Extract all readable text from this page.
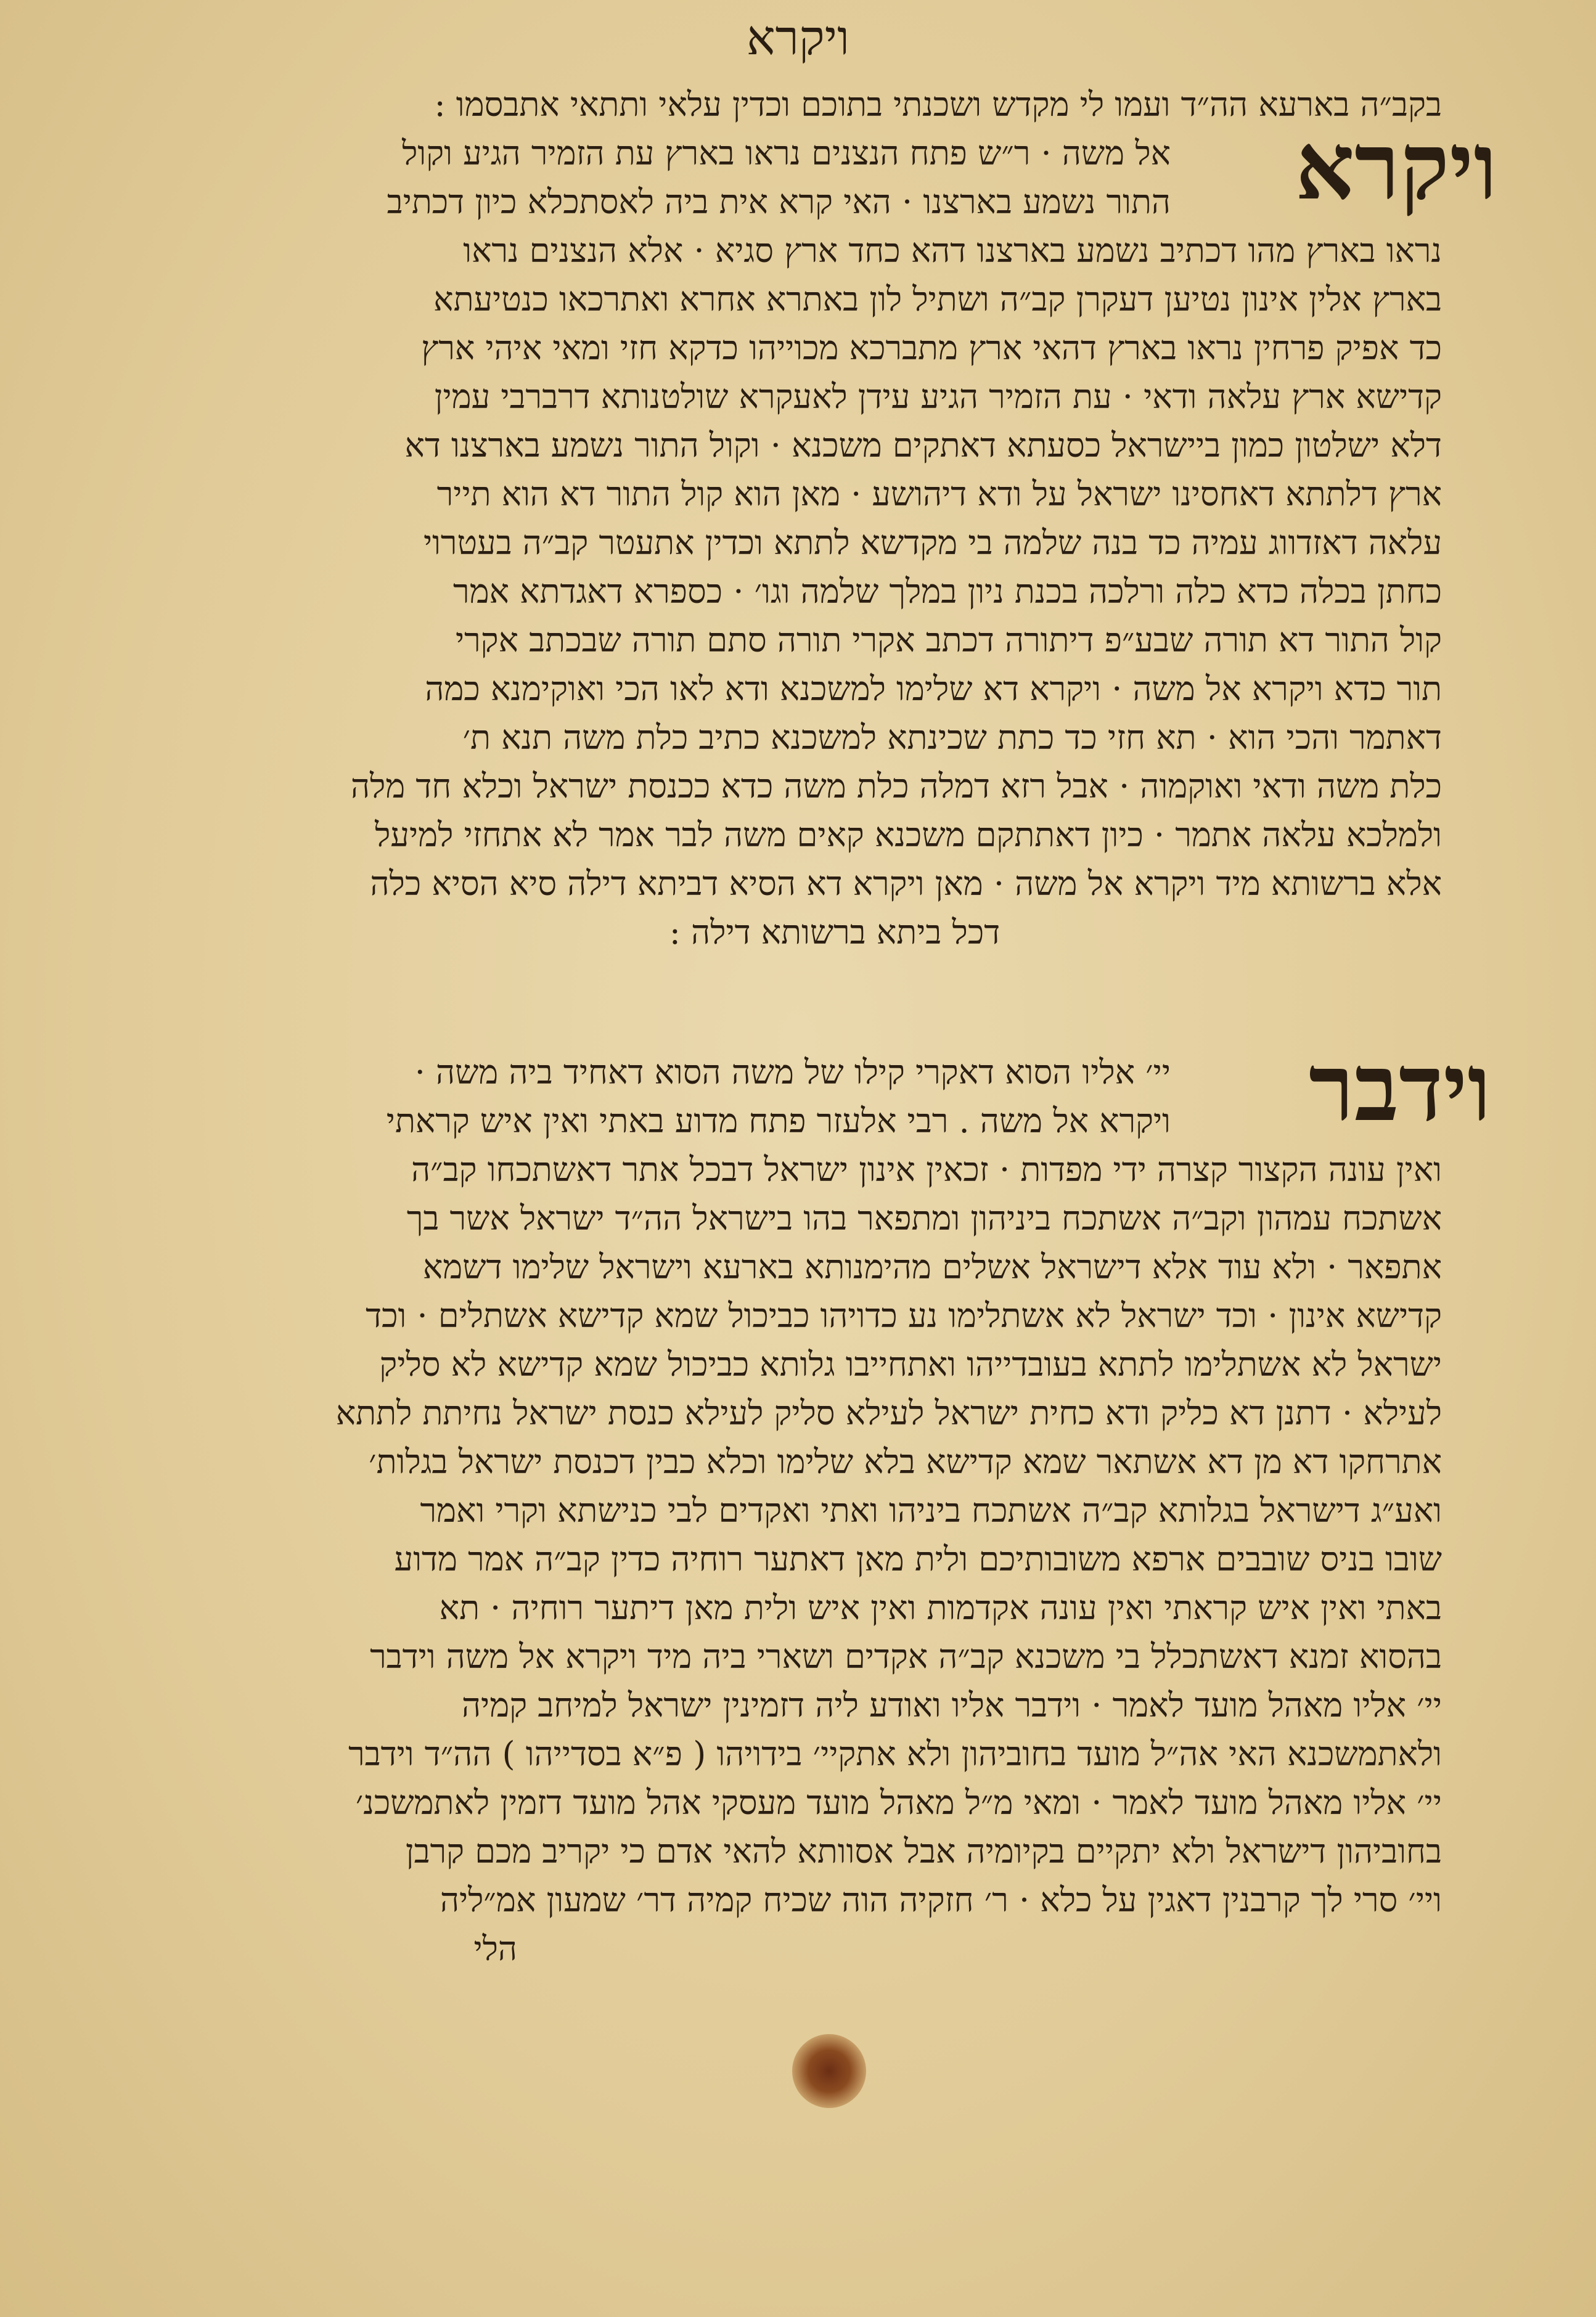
ויקרא
ויקרא
בקב״ה בארעא הה״ד ועמו לי מקדש ושכנתי בתוכם וכדין עלאי ותתאי אתבסמו :
אל משה · ר״ש פתח הנצנים נראו בארץ עת הזמיר הגיע וקול
התור נשמע בארצנו · האי קרא אית ביה לאסתכלא כיון דכתיב
נראו בארץ מהו דכתיב נשמע בארצנו דהא כחד ארץ סגיא · אלא הנצנים נראו
בארץ אלין אינון נטיען דעקרן קב״ה ושתיל לון באתרא אחרא ואתרכאו כנטיעתא
כד אפיק פרחין נראו בארץ דהאי ארץ מתברכא מכוייהו כדקא חזי ומאי איהי ארץ
קדישא ארץ עלאה ודאי · עת הזמיר הגיע עידן לאעקרא שולטנותא דרברבי עמין
דלא ישלטון כמון ביישראל כסעתא דאתקים משכנא · וקול התור נשמע בארצנו דא
ארץ דלתתא דאחסינו ישראל על ודא דיהושע · מאן הוא קול התור דא הוא תייר
עלאה דאזדווג עמיה כד בנה שלמה בי מקדשא לתתא וכדין אתעטר קב״ה בעטרוי
כחתן בכלה כדא כלה ורלכה בכנת ניון במלך שלמה וגו׳ · כספרא דאגדתא אמר
קול התור דא תורה שבע״פ דיתורה דכתב אקרי תורה סתם תורה שבכתב אקרי
תור כדא ויקרא אל משה · ויקרא דא שלימו למשכנא ודא לאו הכי ואוקימנא כמה
דאתמר והכי הוא · תא חזי כד כתת שכינתא למשכנא כתיב כלת משה תנא ת׳
כלת משה ודאי ואוקמוה · אבל רזא דמלה כלת משה כדא ככנסת ישראל וכלא חד מלה
ולמלכא עלאה אתמר · כיון דאתתקם משכנא קאים משה לבר אמר לא אתחזי למיעל
אלא ברשותא מיד ויקרא אל משה · מאן ויקרא דא הסיא דביתא דילה סיא הסיא כלה
דכל ביתא ברשותא דילה :
וידבר
יי׳ אליו הסוא דאקרי קילו של משה הסוא דאחיד ביה משה ·
ויקרא אל משה . רבי אלעזר פתח מדוע באתי ואין איש קראתי
ואין עונה הקצור קצרה ידי מפדות · זכאין אינון ישראל דבכל אתר דאשתכחו קב״ה
אשתכח עמהון וקב״ה אשתכח ביניהון ומתפאר בהו בישראל הה״ד ישראל אשר בך
אתפאר · ולא עוד אלא דישראל אשלים מהימנותא בארעא וישראל שלימו דשמא
קדישא אינון · וכד ישראל לא אשתלימו נע כדויהו כביכול שמא קדישא אשתלים · וכד
ישראל לא אשתלימו לתתא בעובדייהו ואתחייבו גלותא כביכול שמא קדישא לא סליק
לעילא · דתנן דא כליק ודא כחית ישראל לעילא סליק לעילא כנסת ישראל נחיתת לתתא
אתרחקו דא מן דא אשתאר שמא קדישא בלא שלימו וכלא כבין דכנסת ישראל בגלות׳
ואע״ג דישראל בגלותא קב״ה אשתכח ביניהו ואתי ואקדים לבי כנישתא וקרי ואמר
שובו בניס שובבים ארפא משובותיכם ולית מאן דאתער רוחיה כדין קב״ה אמר מדוע
באתי ואין איש קראתי ואין עונה אקדמות ואין איש ולית מאן דיתער רוחיה · תא
בהסוא זמנא דאשתכלל בי משכנא קב״ה אקדים ושארי ביה מיד ויקרא אל משה וידבר
יי׳ אליו מאהל מועד לאמר · וידבר אליו ואודע ליה דזמינין ישראל למיחב קמיה
ולאתמשכנא האי אה״ל מועד בחוביהון ולא אתקיי׳ בידויהו ( פ״א בסדייהו ) הה״ד וידבר
יי׳ אליו מאהל מועד לאמר · ומאי מ״ל מאהל מועד מעסקי אהל מועד דזמין לאתמשכנ׳
בחוביהון דישראל ולא יתקיים בקיומיה אבל אסוותא להאי אדם כי יקריב מכם קרבן
ויי׳ סרי לך קרבנין דאגין על כלא · ר׳ חזקיה הוה שכיח קמיה דר׳ שמעון אמ״ליה
הלי
